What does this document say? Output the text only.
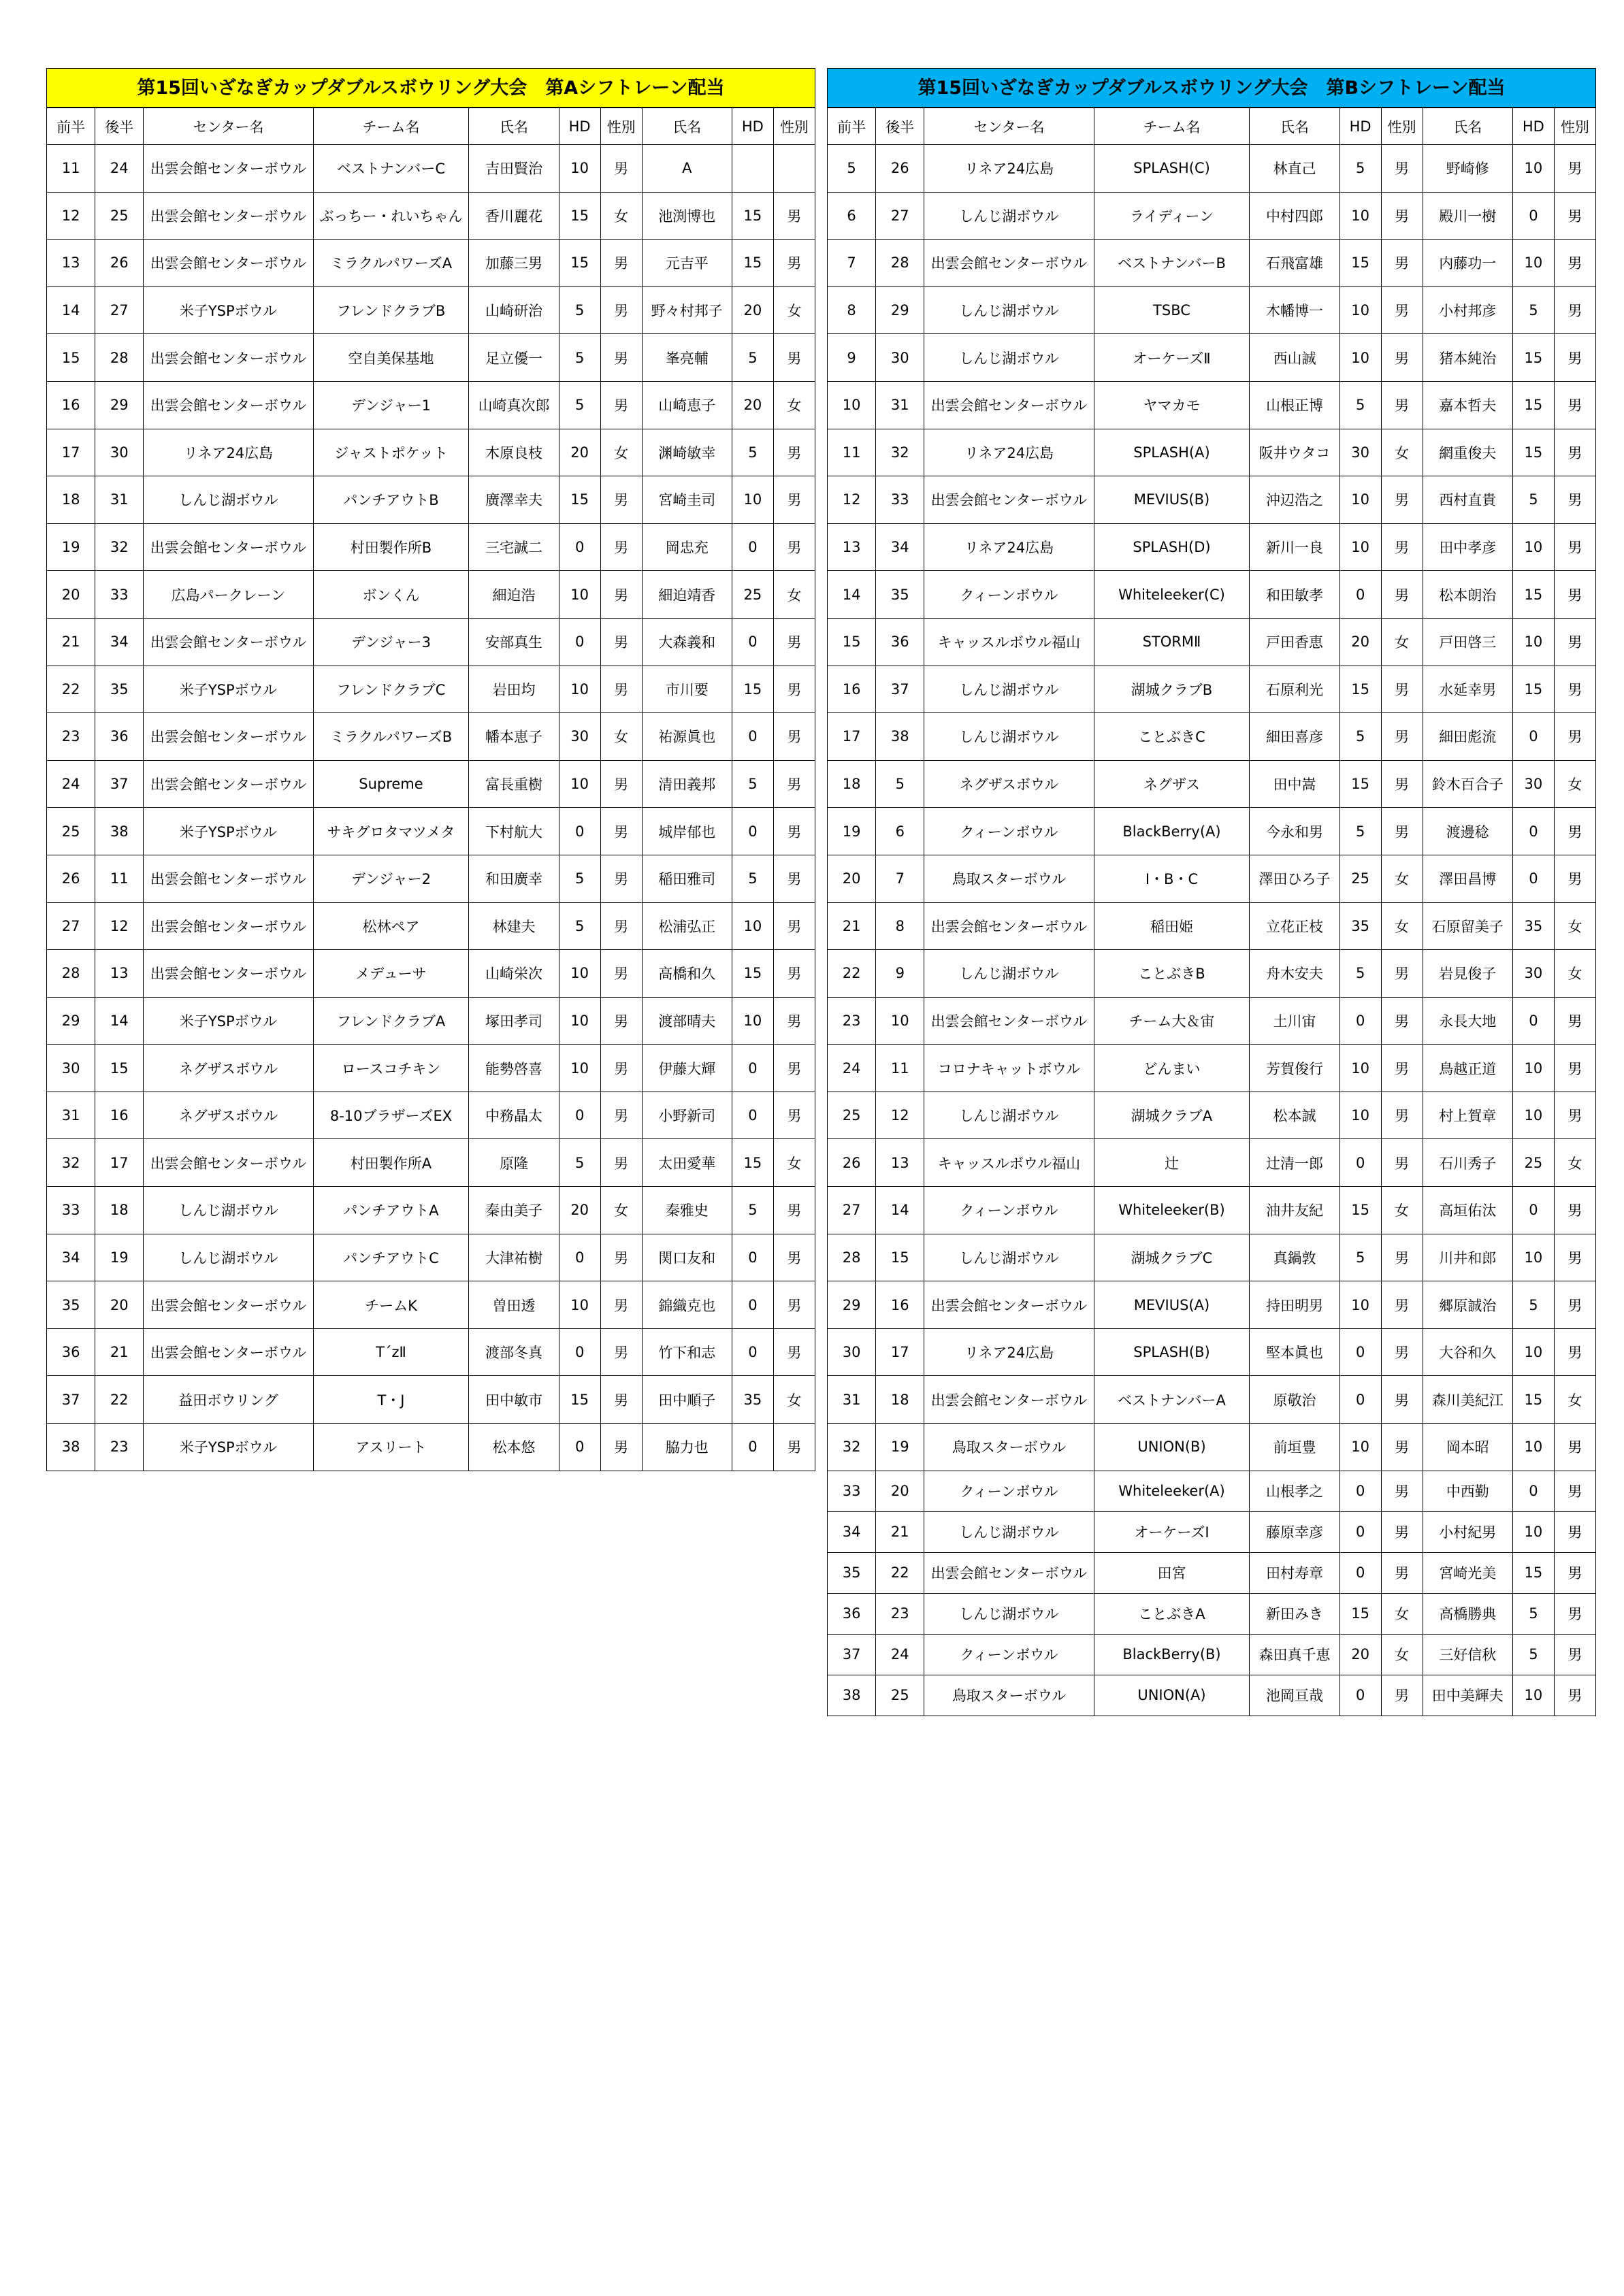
第15回いざなぎカップダブルスボウリング大会　第Aシフトレーン配当
前半	後半	センター名	チーム名	氏名	HD	性別	氏名	HD	性別
11	24	出雲会館センターボウル	ベストナンバーC	吉田賢治	10	男	A		
12	25	出雲会館センターボウル	ぶっちー・れいちゃん	香川麗花	15	女	池渕博也	15	男
13	26	出雲会館センターボウル	ミラクルパワーズA	加藤三男	15	男	元吉平	15	男
14	27	米子YSPボウル	フレンドクラブB	山崎研治	5	男	野々村邦子	20	女
15	28	出雲会館センターボウル	空自美保基地	足立優一	5	男	峯亮輔	5	男
16	29	出雲会館センターボウル	デンジャー1	山崎真次郎	5	男	山崎恵子	20	女
17	30	リネア24広島	ジャストポケット	木原良枝	20	女	渊崎敏幸	5	男
18	31	しんじ湖ボウル	パンチアウトB	廣澤幸夫	15	男	宮崎圭司	10	男
19	32	出雲会館センターボウル	村田製作所B	三宅誠二	0	男	岡忠充	0	男
20	33	広島パークレーン	ボンくん	細迫浩	10	男	細迫靖香	25	女
21	34	出雲会館センターボウル	デンジャー3	安部真生	0	男	大森義和	0	男
22	35	米子YSPボウル	フレンドクラブC	岩田均	10	男	市川要	15	男
23	36	出雲会館センターボウル	ミラクルパワーズB	幡本恵子	30	女	祐源眞也	0	男
24	37	出雲会館センターボウル	Supreme	富長重樹	10	男	清田義邦	5	男
25	38	米子YSPボウル	サキグロタマツメタ	下村航大	0	男	城岸郁也	0	男
26	11	出雲会館センターボウル	デンジャー2	和田廣幸	5	男	稲田雅司	5	男
27	12	出雲会館センターボウル	松林ペア	林建夫	5	男	松浦弘正	10	男
28	13	出雲会館センターボウル	メデューサ	山崎栄次	10	男	高橋和久	15	男
29	14	米子YSPボウル	フレンドクラブA	塚田孝司	10	男	渡部晴夫	10	男
30	15	ネグザスボウル	ロースコチキン	能勢啓喜	10	男	伊藤大輝	0	男
31	16	ネグザスボウル	8-10ブラザーズEX	中務晶太	0	男	小野新司	0	男
32	17	出雲会館センターボウル	村田製作所A	原隆	5	男	太田愛華	15	女
33	18	しんじ湖ボウル	パンチアウトA	秦由美子	20	女	秦雅史	5	男
34	19	しんじ湖ボウル	パンチアウトC	大津祐樹	0	男	関口友和	0	男
35	20	出雲会館センターボウル	チームK	曽田透	10	男	錦織克也	0	男
36	21	出雲会館センターボウル	T´zⅡ	渡部冬真	0	男	竹下和志	0	男
37	22	益田ボウリング	T・J	田中敏市	15	男	田中順子	35	女
38	23	米子YSPボウル	アスリート	松本悠	0	男	脇力也	0	男
第15回いざなぎカップダブルスボウリング大会　第Bシフトレーン配当
前半	後半	センター名	チーム名	氏名	HD	性別	氏名	HD	性別
5	26	リネア24広島	SPLASH(C)	林直己	5	男	野崎修	10	男
6	27	しんじ湖ボウル	ライディーン	中村四郎	10	男	殿川一樹	0	男
7	28	出雲会館センターボウル	ベストナンバーB	石飛富雄	15	男	内藤功一	10	男
8	29	しんじ湖ボウル	TSBC	木幡博一	10	男	小村邦彦	5	男
9	30	しんじ湖ボウル	オーケーズⅡ	西山誠	10	男	猪本純治	15	男
10	31	出雲会館センターボウル	ヤマカモ	山根正博	5	男	嘉本哲夫	15	男
11	32	リネア24広島	SPLASH(A)	阪井ウタコ	30	女	網重俊夫	15	男
12	33	出雲会館センターボウル	MEVIUS(B)	沖辺浩之	10	男	西村直貴	5	男
13	34	リネア24広島	SPLASH(D)	新川一良	10	男	田中孝彦	10	男
14	35	クィーンボウル	Whiteleeker(C)	和田敏孝	0	男	松本朗治	15	男
15	36	キャッスルボウル福山	STORMⅡ	戸田香恵	20	女	戸田啓三	10	男
16	37	しんじ湖ボウル	湖城クラブB	石原利光	15	男	水延幸男	15	男
17	38	しんじ湖ボウル	ことぶきC	細田喜彦	5	男	細田彪流	0	男
18	5	ネグザスボウル	ネグザス	田中嵩	15	男	鈴木百合子	30	女
19	6	クィーンボウル	BlackBerry(A)	今永和男	5	男	渡邊稔	0	男
20	7	鳥取スターボウル	I・B・C	澤田ひろ子	25	女	澤田昌博	0	男
21	8	出雲会館センターボウル	稲田姫	立花正枝	35	女	石原留美子	35	女
22	9	しんじ湖ボウル	ことぶきB	舟木安夫	5	男	岩見俊子	30	女
23	10	出雲会館センターボウル	チーム大＆宙	土川宙	0	男	永長大地	0	男
24	11	コロナキャットボウル	どんまい	芳賀俊行	10	男	鳥越正道	10	男
25	12	しんじ湖ボウル	湖城クラブA	松本誠	10	男	村上賀章	10	男
26	13	キャッスルボウル福山	辻	辻清一郎	0	男	石川秀子	25	女
27	14	クィーンボウル	Whiteleeker(B)	油井友紀	15	女	高垣佑汰	0	男
28	15	しんじ湖ボウル	湖城クラブC	真鍋敦	5	男	川井和郎	10	男
29	16	出雲会館センターボウル	MEVIUS(A)	持田明男	10	男	郷原誠治	5	男
30	17	リネア24広島	SPLASH(B)	堅本眞也	0	男	大谷和久	10	男
31	18	出雲会館センターボウル	ベストナンバーA	原敬治	0	男	森川美紀江	15	女
32	19	鳥取スターボウル	UNION(B)	前垣豊	10	男	岡本昭	10	男
33	20	クィーンボウル	Whiteleeker(A)	山根孝之	0	男	中西勤	0	男
34	21	しんじ湖ボウル	オーケーズⅠ	藤原幸彦	0	男	小村紀男	10	男
35	22	出雲会館センターボウル	田宮	田村寿章	0	男	宮崎光美	15	男
36	23	しんじ湖ボウル	ことぶきA	新田みき	15	女	高橋勝典	5	男
37	24	クィーンボウル	BlackBerry(B)	森田真千恵	20	女	三好信秋	5	男
38	25	鳥取スターボウル	UNION(A)	池岡亘哉	0	男	田中美輝夫	10	男
